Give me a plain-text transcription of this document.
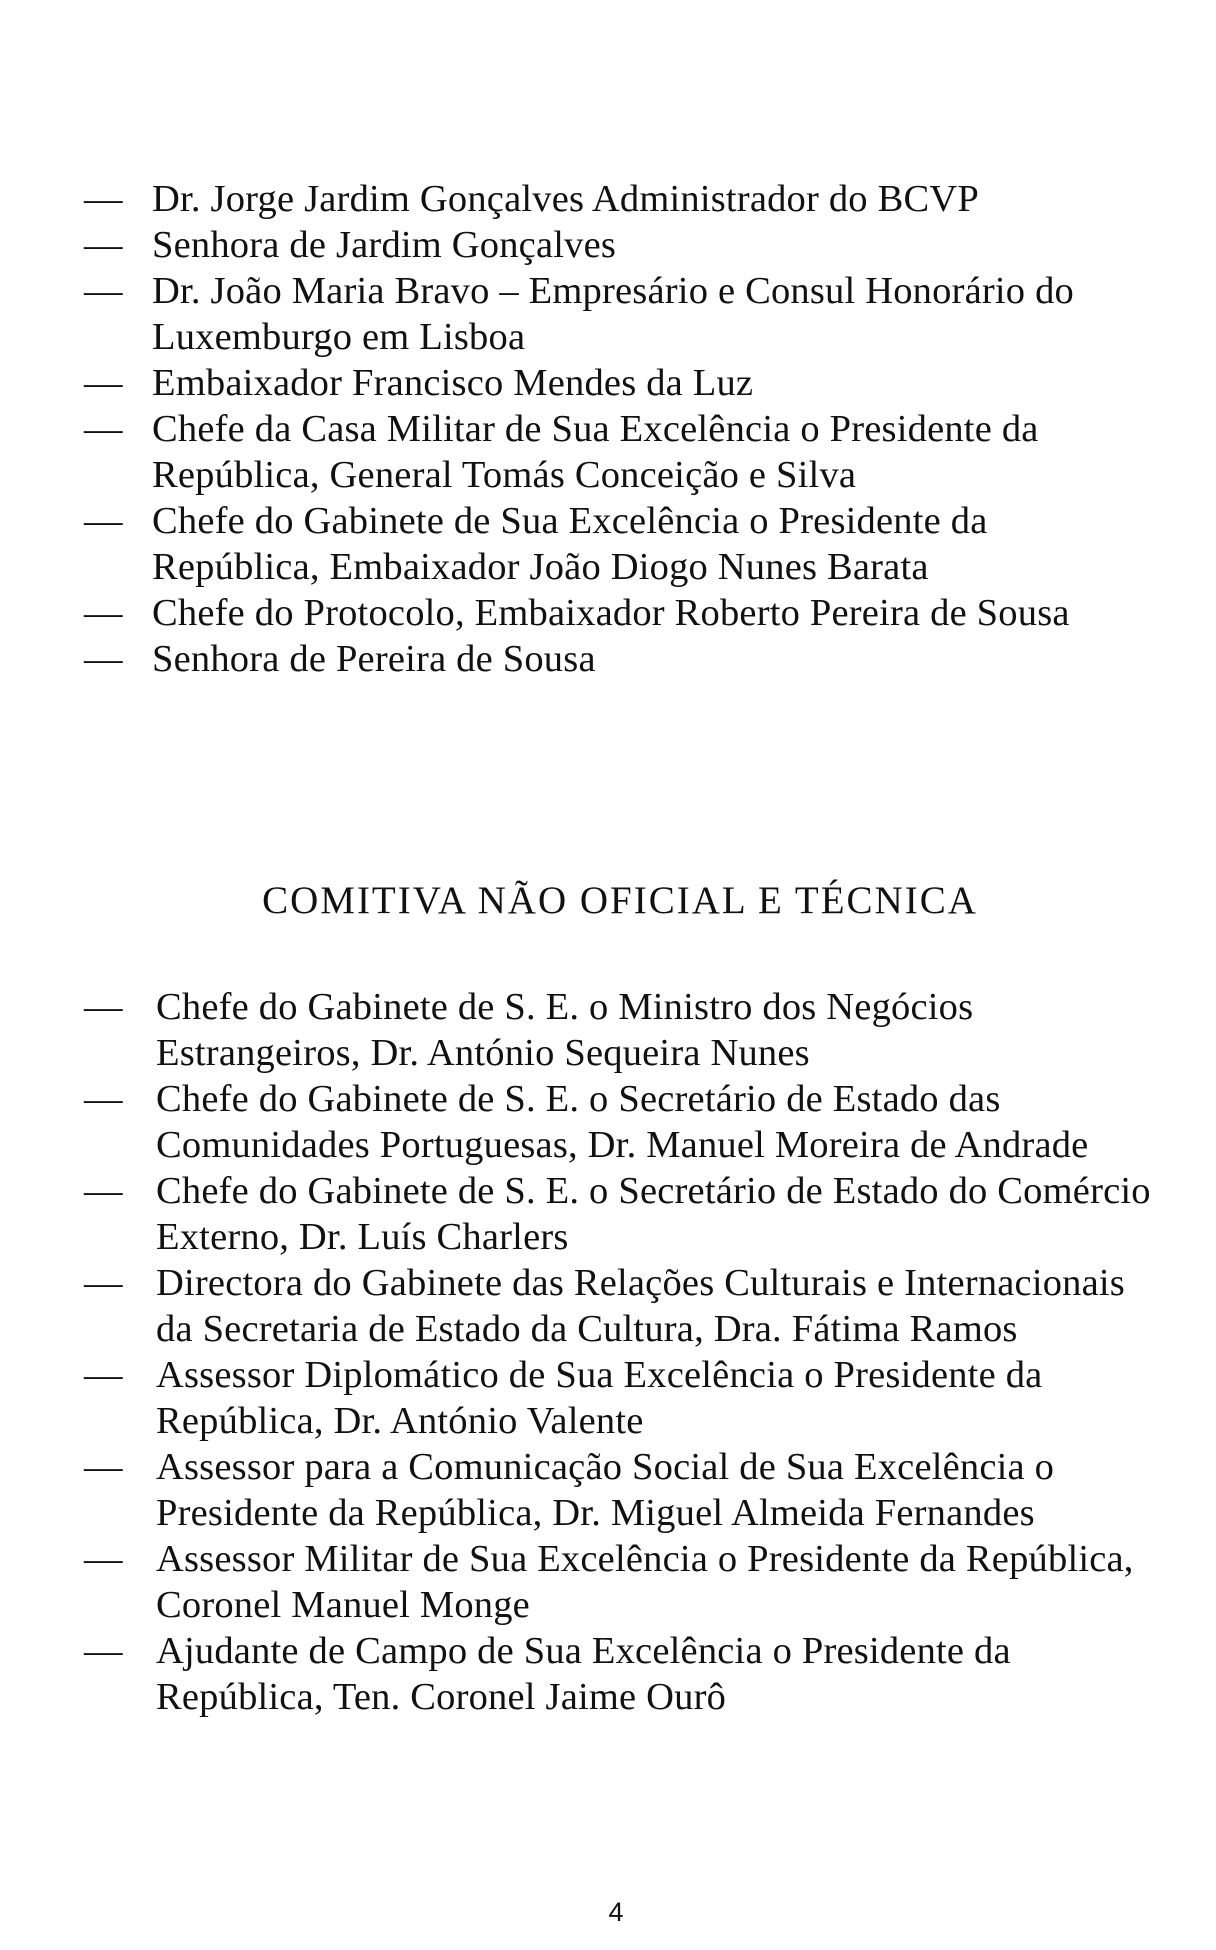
— Dr. Jorge Jardim Gonçalves Administrador do BCVP
— Senhora de Jardim Gonçalves
— Dr. João Maria Bravo – Empresário e Consul Honorário do Luxemburgo em Lisboa
— Embaixador Francisco Mendes da Luz
— Chefe da Casa Militar de Sua Excelência o Presidente da República, General Tomás Conceição e Silva
— Chefe do Gabinete de Sua Excelência o Presidente da República, Embaixador João Diogo Nunes Barata
— Chefe do Protocolo, Embaixador Roberto Pereira de Sousa
— Senhora de Pereira de Sousa
COMITIVA NÃO OFICIAL E TÉCNICA
— Chefe do Gabinete de S. E. o Ministro dos Negócios Estrangeiros, Dr. António Sequeira Nunes
— Chefe do Gabinete de S. E. o Secretário de Estado das Comunidades Portuguesas, Dr. Manuel Moreira de Andrade
— Chefe do Gabinete de S. E. o Secretário de Estado do Comércio Externo, Dr. Luís Charlers
— Directora do Gabinete das Relações Culturais e Internacionais da Secretaria de Estado da Cultura, Dra. Fátima Ramos
— Assessor Diplomático de Sua Excelência o Presidente da República, Dr. António Valente
— Assessor para a Comunicação Social de Sua Excelência o Presidente da República, Dr. Miguel Almeida Fernandes
— Assessor Militar de Sua Excelência o Presidente da República, Coronel Manuel Monge
— Ajudante de Campo de Sua Excelência o Presidente da República, Ten. Coronel Jaime Ourô
4
